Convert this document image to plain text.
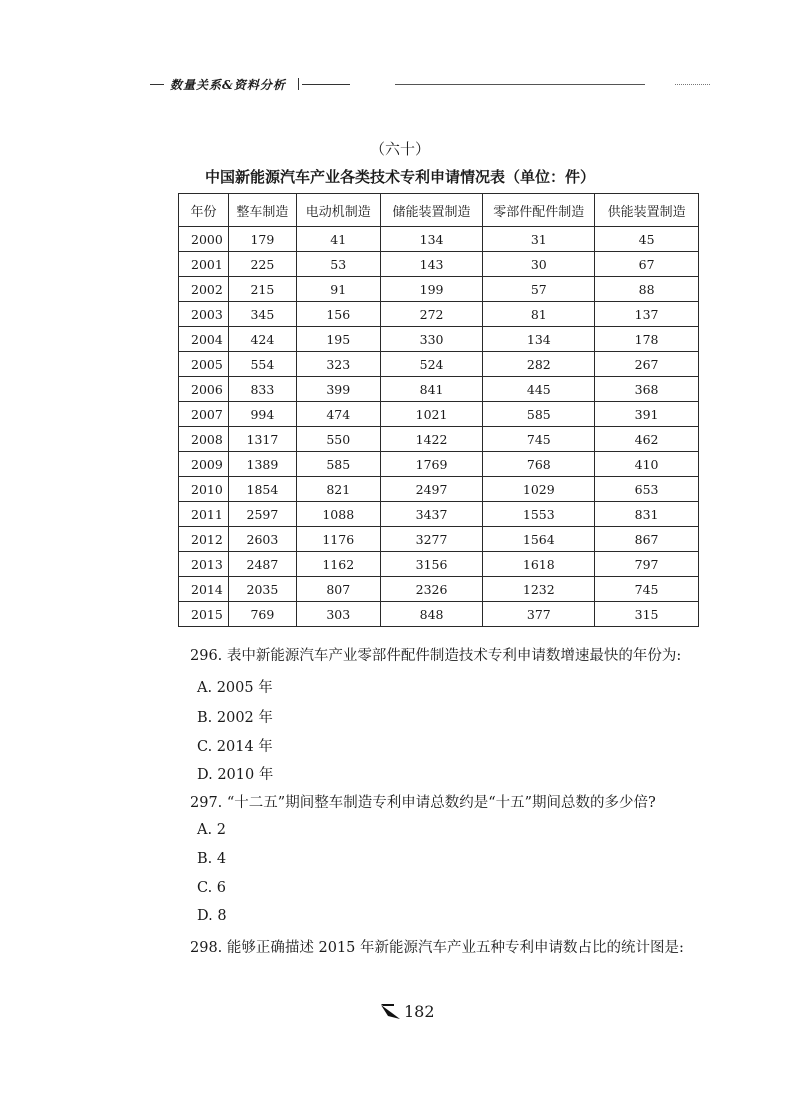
数量关系&资料分析
（六十）
中国新能源汽车产业各类技术专利申请情况表（单位：件）
年份	整车制造	电动机制造	储能装置制造	零部件配件制造	供能装置制造
2000	179	41	134	31	45
2001	225	53	143	30	67
2002	215	91	199	57	88
2003	345	156	272	81	137
2004	424	195	330	134	178
2005	554	323	524	282	267
2006	833	399	841	445	368
2007	994	474	1021	585	391
2008	1317	550	1422	745	462
2009	1389	585	1769	768	410
2010	1854	821	2497	1029	653
2011	2597	1088	3437	1553	831
2012	2603	1176	3277	1564	867
2013	2487	1162	3156	1618	797
2014	2035	807	2326	1232	745
2015	769	303	848	377	315
296. 表中新能源汽车产业零部件配件制造技术专利申请数增速最快的年份为:
A. 2005 年
B. 2002 年
C. 2014 年
D. 2010 年
297. “十二五”期间整车制造专利申请总数约是“十五”期间总数的多少倍?
A. 2
B. 4
C. 6
D. 8
298. 能够正确描述 2015 年新能源汽车产业五种专利申请数占比的统计图是:
182
